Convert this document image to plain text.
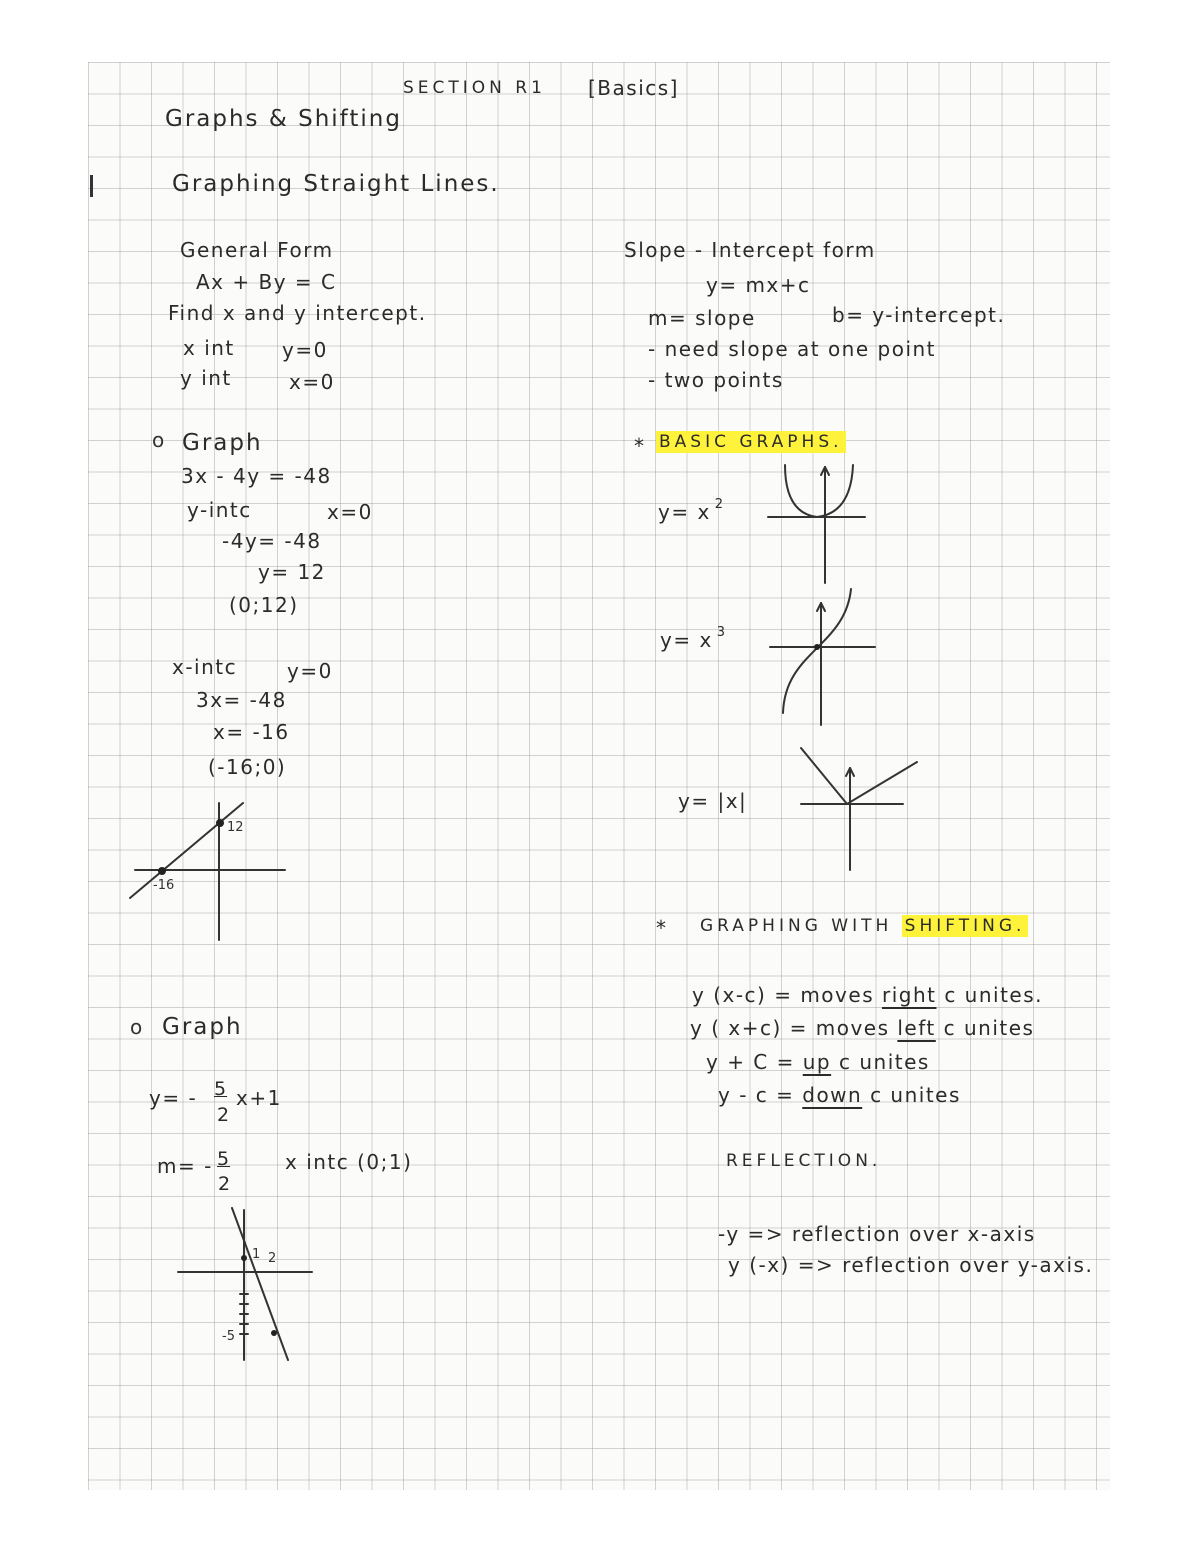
SECTION R1 [Basics]
Graphs & Shifting
Graphing Straight Lines.
General Form
Ax + By = C
Find x and y intercept.
x int y=0
y int	x=0
Slope - Intercept form
y= mx+c
m= slope	b= y-intercept.
- need slope at one point
- two points
o Graph
3x - 4y = -48
y-intc	x=0
-4y= -48
y= 12
(0;12)
x-intc y=0
3x= -48
x= -16
(-16;0)
12
-16
o Graph
y= - 5
2
x+1
m= - 5
2
x intc (0;1)
1 2
-5
* BASIC GRAPHS.
y= x $^2$
y= x $^3$
y= |x|
* GRAPHING WITH SHIFTING.
y (x-c) = moves right c unites.
y ( x+c) = moves left c unites
y + C = up c unites
y - c = down c unites
REFLECTION.
-y => reflection over x-axis
y (-x) => reflection over y-axis.
